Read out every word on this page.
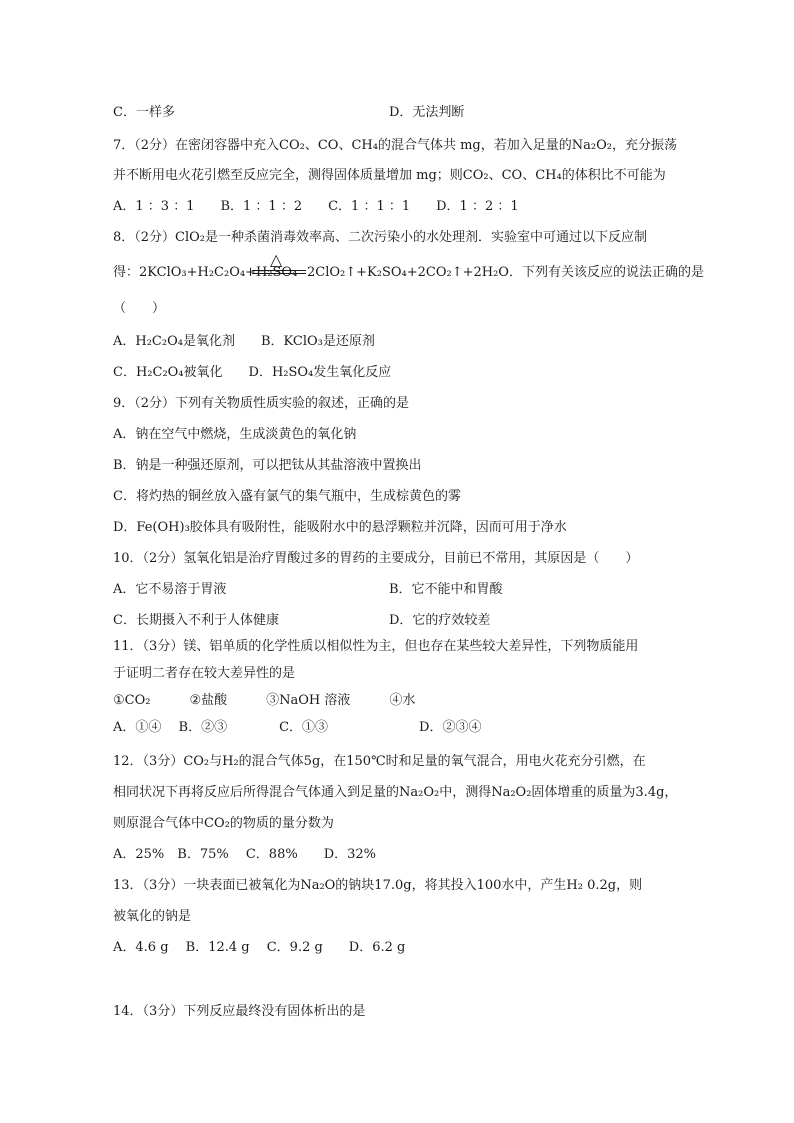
C．一样多	D．无法判断
7．（2分）在密闭容器中充入CO₂、CO、CH₄的混合气体共 mg，若加入足量的Na₂O₂，充分振荡
并不断用电火花引燃至反应完全，测得固体质量增加 mg；则CO₂、CO、CH₄的体积比不可能为
A．1 ：3 ：1　　B．1 ：1 ：2　　C．1 ：1 ：1　　D．1 ：2 ：1
8．（2分）ClO₂是一种杀菌消毒效率高、二次污染小的水处理剂．实验室中可通过以下反应制
得：2KClO₃+H₂C₂O₄+H₂SO₄
△
2ClO₂↑+K₂SO₄+2CO₂↑+2H₂O．下列有关该反应的说法正确的是
（　　）
A．H₂C₂O₄是氧化剂　　B．KClO₃是还原剂
C．H₂C₂O₄被氧化　　D．H₂SO₄发生氧化反应
9．（2分）下列有关物质性质实验的叙述，正确的是
A．钠在空气中燃烧，生成淡黄色的氧化钠
B．钠是一种强还原剂，可以把钛从其盐溶液中置换出
C．将灼热的铜丝放入盛有氯气的集气瓶中，生成棕黄色的雾
D．Fe(OH)₃胶体具有吸附性，能吸附水中的悬浮颗粒并沉降，因而可用于净水
10．（2分）氢氧化铝是治疗胃酸过多的胃药的主要成分，目前已不常用，其原因是（　　）
A．它不易溶于胃液	B．它不能中和胃酸
C．长期摄入不利于人体健康	D．它的疗效较差
11．（3分）镁、铝单质的化学性质以相似性为主，但也存在某些较大差异性，下列物质能用
于证明二者存在较大差异性的是
①CO₂　　　②盐酸　　　③NaOH 溶液　　　④水
A．①④　 B．②③　　　　C．①③　　　　　　　D．②③④
12．（3分）CO₂与H₂的混合气体5g，在150℃时和足量的氧气混合，用电火花充分引燃，在
相同状况下再将反应后所得混合气体通入到足量的Na₂O₂中，测得Na₂O₂固体增重的质量为3.4g，
则原混合气体中CO₂的物质的量分数为
A．25%　B．75%　 C．88%　　D．32%
13．（3分）一块表面已被氧化为Na₂O的钠块17.0g，将其投入100水中，产生H₂ 0.2g，则
被氧化的钠是
A．4.6 g　 B．12.4 g　 C．9.2 g　　D．6.2 g
14．（3分）下列反应最终没有固体析出的是
